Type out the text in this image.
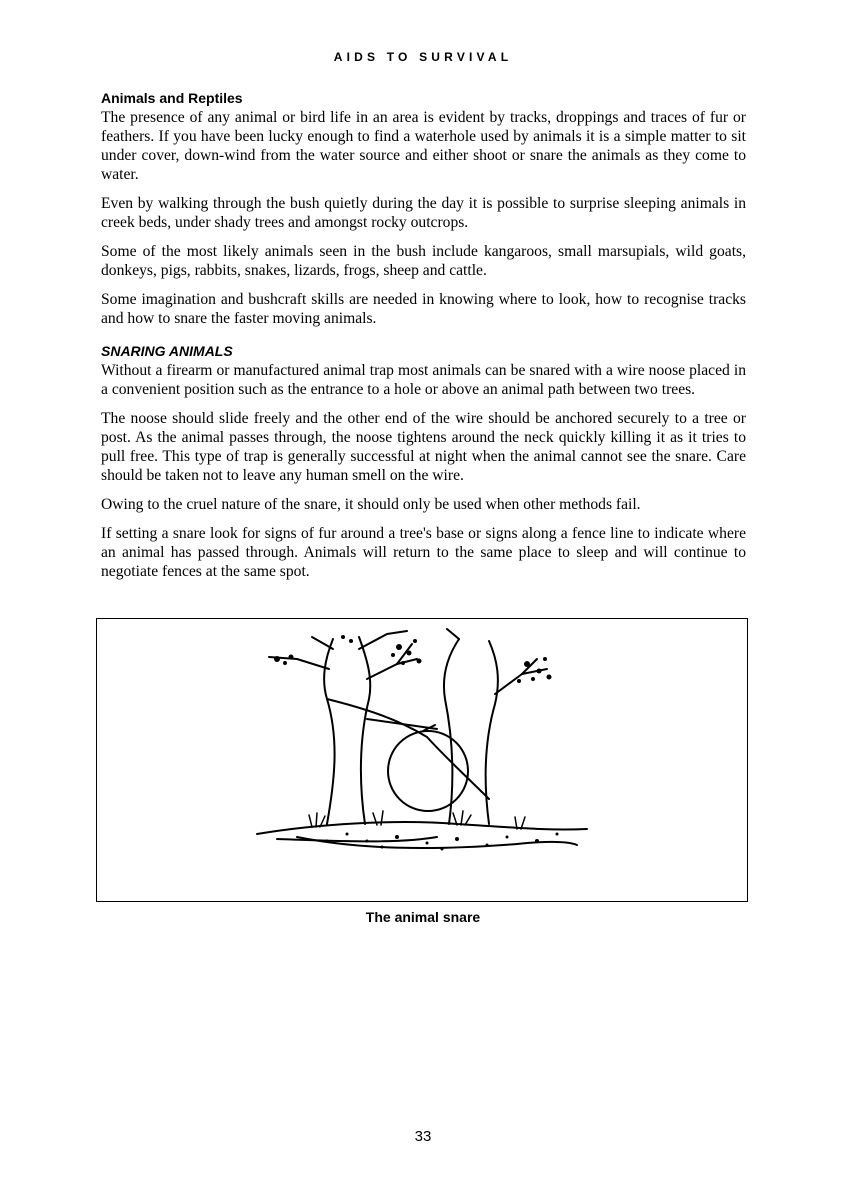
AIDS TO SURVIVAL
Animals and Reptiles

The presence of any animal or bird life in an area is evident by tracks, droppings and traces of fur or feathers. If you have been lucky enough to find a waterhole used by animals it is a simple matter to sit under cover, down-wind from the water source and either shoot or snare the animals as they come to water.

Even by walking through the bush quietly during the day it is possible to surprise sleeping animals in creek beds, under shady trees and amongst rocky outcrops.

Some of the most likely animals seen in the bush include kangaroos, small marsupials, wild goats, donkeys, pigs, rabbits, snakes, lizards, frogs, sheep and cattle.

Some imagination and bushcraft skills are needed in knowing where to look, how to recognise tracks and how to snare the faster moving animals.

SNARING ANIMALS

Without a firearm or manufactured animal trap most animals can be snared with a wire noose placed in a convenient position such as the entrance to a hole or above an animal path between two trees.

The noose should slide freely and the other end of the wire should be anchored securely to a tree or post. As the animal passes through, the noose tightens around the neck quickly killing it as it tries to pull free. This type of trap is generally successful at night when the animal cannot see the snare. Care should be taken not to leave any human smell on the wire.

Owing to the cruel nature of the snare, it should only be used when other methods fail.

If setting a snare look for signs of fur around a tree's base or signs along a fence line to indicate where an animal has passed through. Animals will return to the same place to sleep and will continue to negotiate fences at the same spot.

The animal snare
33
